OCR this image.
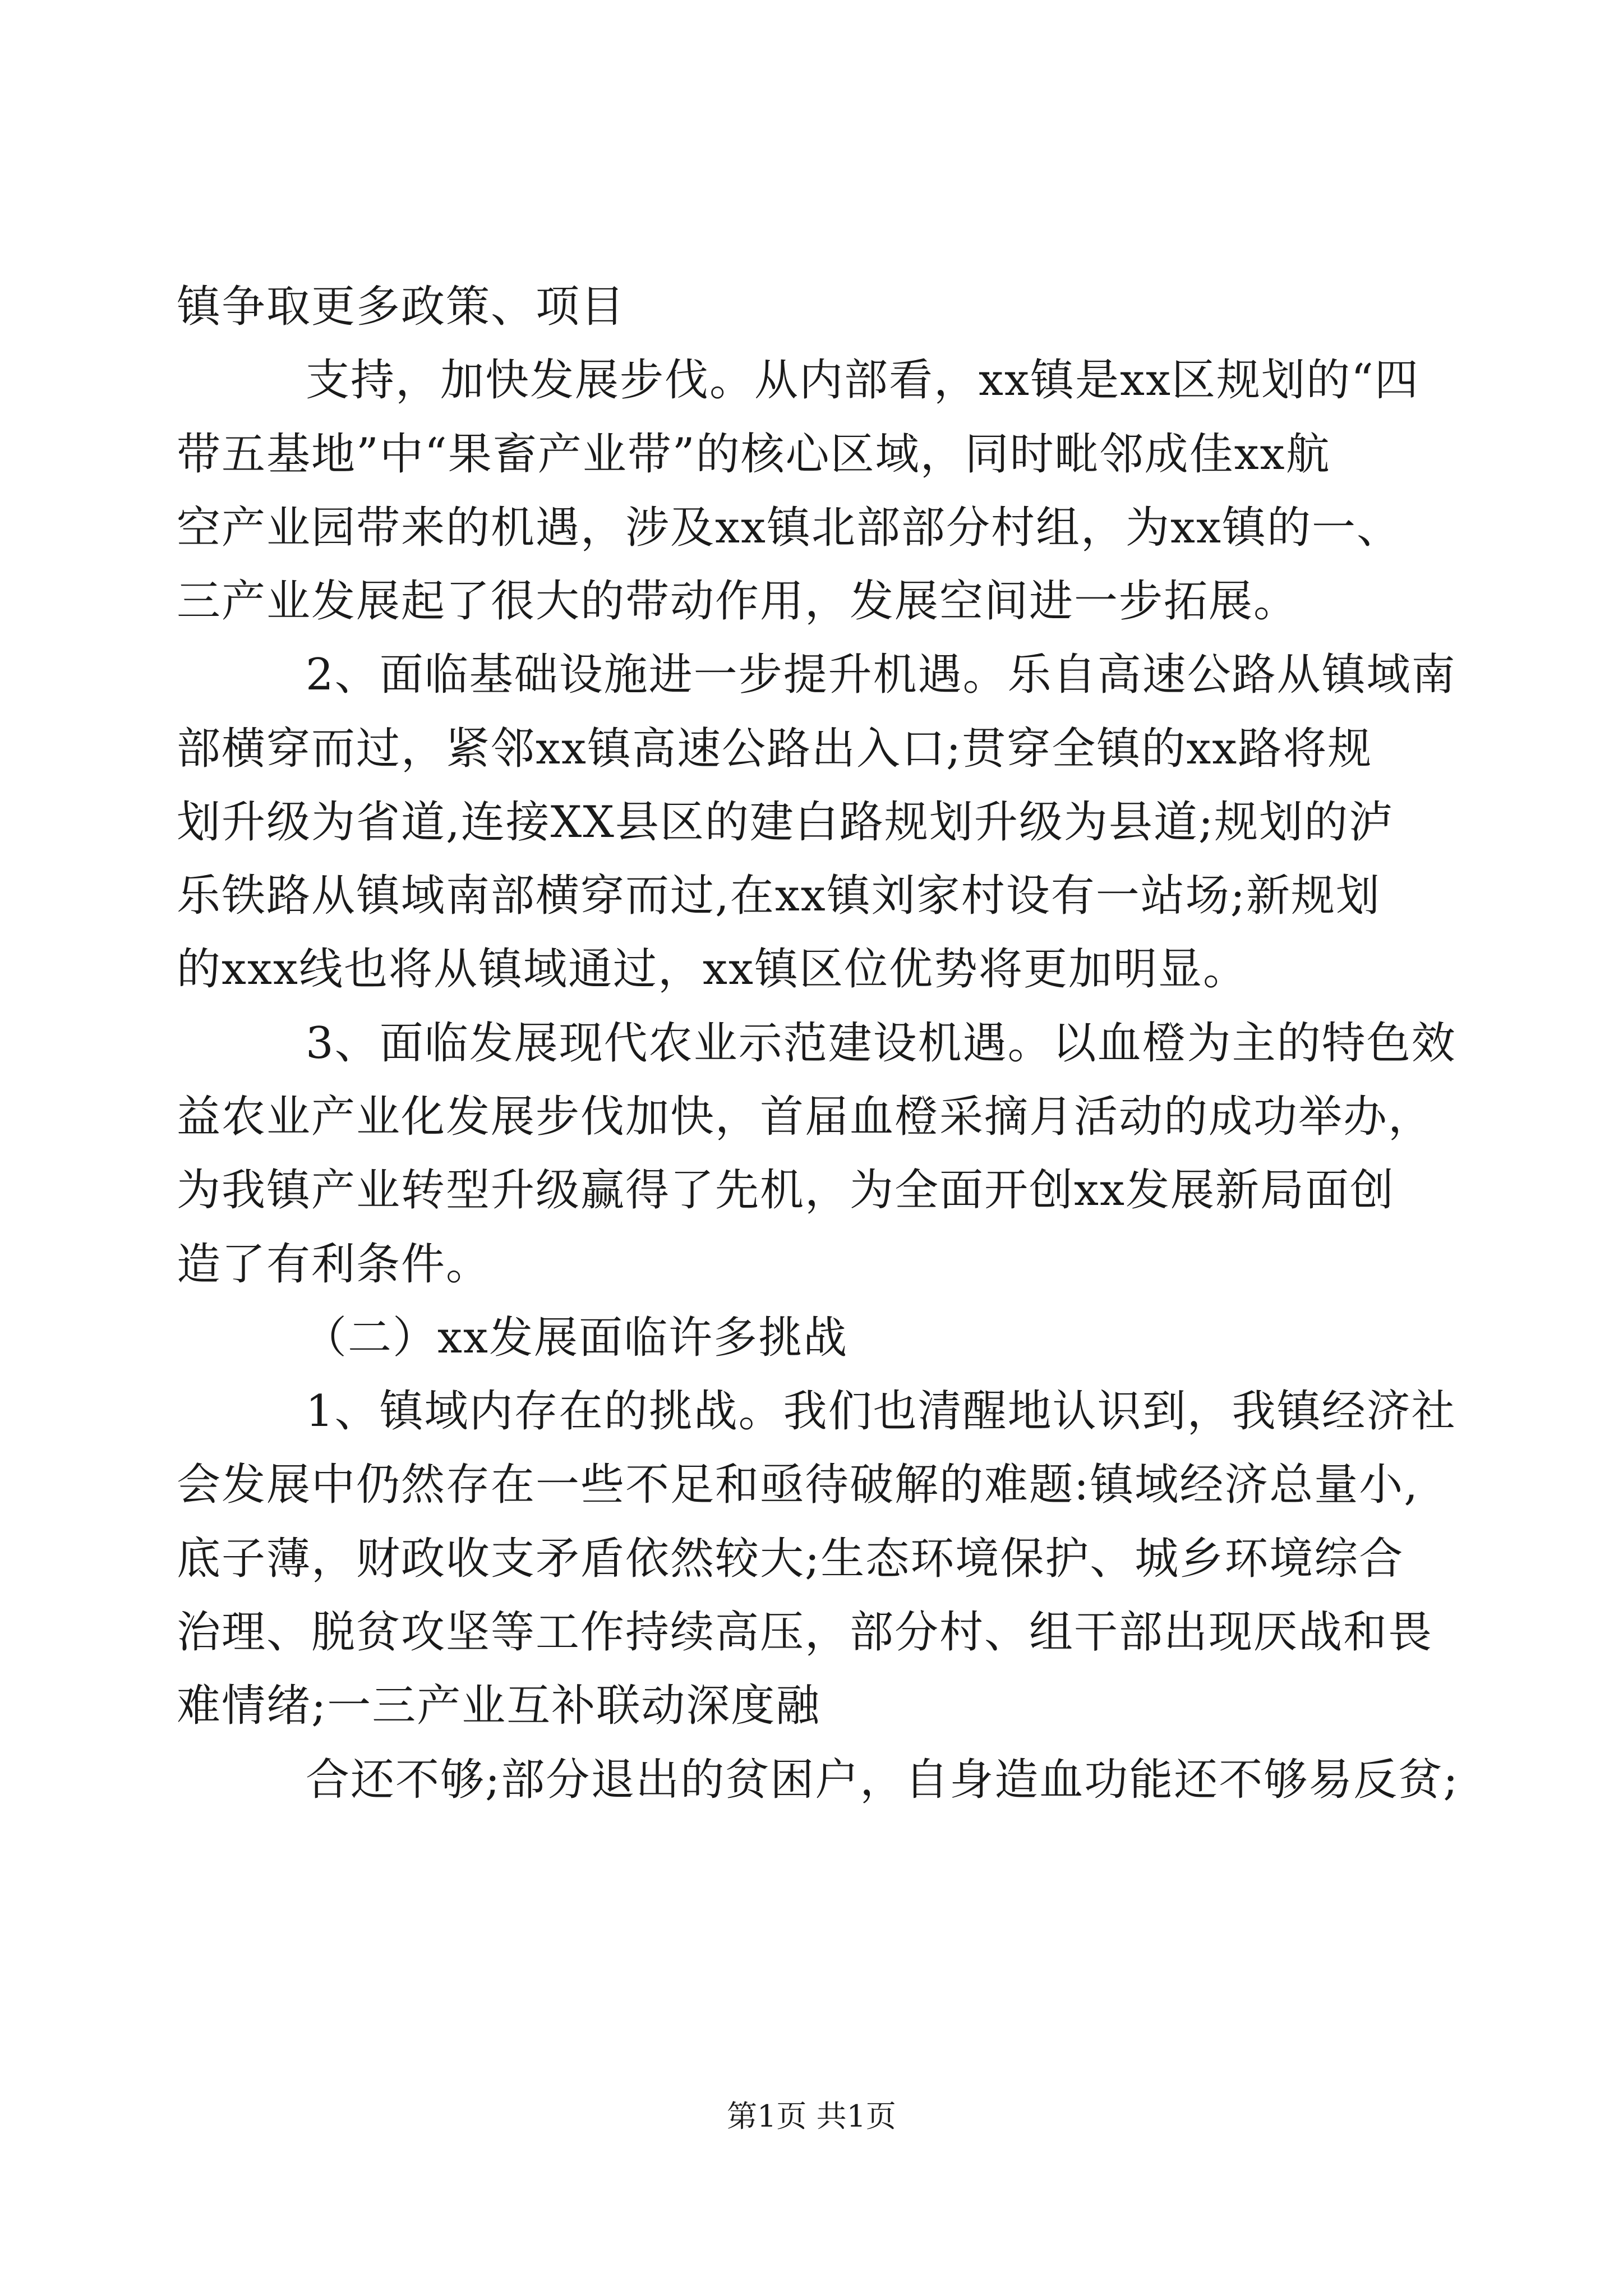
镇争取更多政策、项目
支持，加快发展步伐。从内部看，xx镇是xx区规划的“四
带五基地”中“果畜产业带”的核心区域，同时毗邻成佳xx航
空产业园带来的机遇，涉及xx镇北部部分村组，为xx镇的一、
三产业发展起了很大的带动作用，发展空间进一步拓展。
2、面临基础设施进一步提升机遇。乐自高速公路从镇域南
部横穿而过，紧邻xx镇高速公路出入口;贯穿全镇的xx路将规
划升级为省道,连接XX县区的建白路规划升级为县道;规划的泸
乐铁路从镇域南部横穿而过,在xx镇刘家村设有一站场;新规划
的xxx线也将从镇域通过，xx镇区位优势将更加明显。
3、面临发展现代农业示范建设机遇。以血橙为主的特色效
益农业产业化发展步伐加快，首届血橙采摘月活动的成功举办，
为我镇产业转型升级赢得了先机，为全面开创xx发展新局面创
造了有利条件。
（二）xx发展面临许多挑战
1、镇域内存在的挑战。我们也清醒地认识到，我镇经济社
会发展中仍然存在一些不足和亟待破解的难题:镇域经济总量小,
底子薄，财政收支矛盾依然较大;生态环境保护、城乡环境综合
治理、脱贫攻坚等工作持续高压，部分村、组干部出现厌战和畏
难情绪;一三产业互补联动深度融
合还不够;部分退出的贫困户，自身造血功能还不够易反贫;
第1页 共1页
